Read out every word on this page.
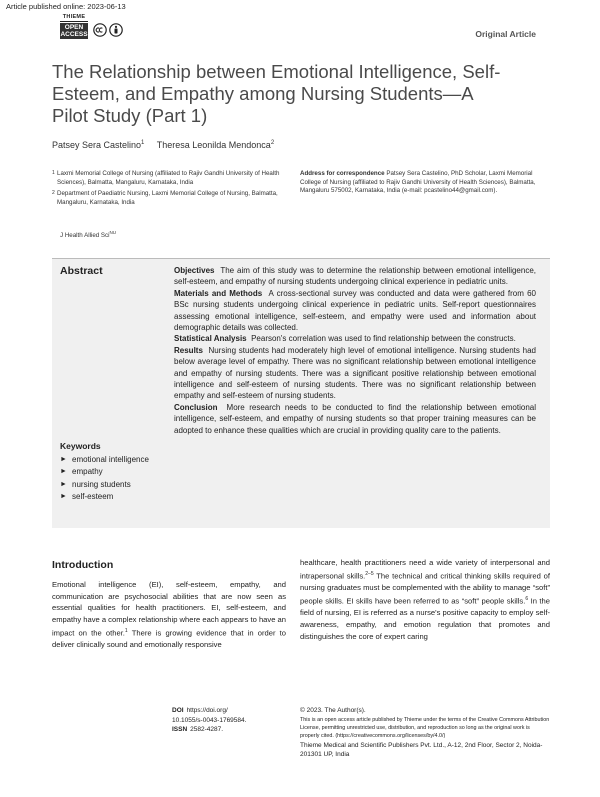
Article published online: 2023-06-13
THIEME
OPEN
ACCESS	Original Article
The Relationship between Emotional Intelligence, Self-Esteem, and Empathy among Nursing Students—A Pilot Study (Part 1)
Patsey Sera Castelino$^1$ Theresa Leonilda Mendonca$^2$
1 Laxmi Memorial College of Nursing (affiliated to Rajiv Gandhi University of Health Sciences), Balmatta, Mangaluru, Karnataka, India
2 Department of Paediatric Nursing, Laxmi Memorial College of Nursing, Balmatta, Mangaluru, Karnataka, India
J Health Allied Sci$^{NU}$
Address for correspondence Patsey Sera Castelino, PhD Scholar, Laxmi Memorial College of Nursing (affiliated to Rajiv Gandhi University of Health Sciences), Balmatta, Mangaluru 575002, Karnataka, India (e-mail: pcastelino44@gmail.com).
Abstract	Objectives The aim of this study was to determine the relationship between emotional intelligence, self-esteem, and empathy of nursing students undergoing clinical experience in pediatric units.

Materials and Methods A cross-sectional survey was conducted and data were gathered from 60 BSc nursing students undergoing clinical experience in pediatric units. Self-report questionnaires assessing emotional intelligence, self-esteem, and empathy were used and information about demographic details was collected.

Statistical Analysis Pearson's correlation was used to find relationship between the constructs.

Results Nursing students had moderately high level of emotional intelligence. Nursing students had below average level of empathy. There was no significant relationship between emotional intelligence and empathy of nursing students. There was a significant positive relationship between emotional intelligence and self-esteem of nursing students. There was no significant relationship between empathy and self-esteem of nursing students.

Conclusion More research needs to be conducted to find the relationship between emotional intelligence, self-esteem, and empathy of nursing students so that proper training measures can be adopted to enhance these qualities which are crucial in providing quality care to the patients.

Keywords
► emotional intelligence
► empathy
► nursing students
► self-esteem
Introduction

Emotional intelligence (EI), self-esteem, empathy, and communication are psychosocial abilities that are now seen as essential qualities for health practitioners. EI, self-esteem, and empathy have a complex relationship where each appears to have an impact on the other.$^1$ There is growing evidence that in order to deliver clinically sound and emotionally responsive

healthcare, health practitioners need a wide variety of interpersonal and intrapersonal skills.$^{2-5}$ The technical and critical thinking skills required of nursing graduates must be complemented with the ability to manage “soft” people skills. EI skills have been referred to as “soft” people skills.$^6$ In the field of nursing, EI is referred as a nurse's positive capacity to employ self-awareness, empathy, and emotion regulation that promotes and distinguishes the core of expert caring

DOI https://doi.org/
10.1055/s-0043-1769584.
ISSN 2582-4287.
© 2023. The Author(s).
This is an open access article published by Thieme under the terms of the Creative Commons Attribution License, permitting unrestricted use, distribution, and reproduction so long as the original work is properly cited. (https://creativecommons.org/licenses/by/4.0/)
Thieme Medical and Scientific Publishers Pvt. Ltd., A-12, 2nd Floor, Sector 2, Noida-201301 UP, India
